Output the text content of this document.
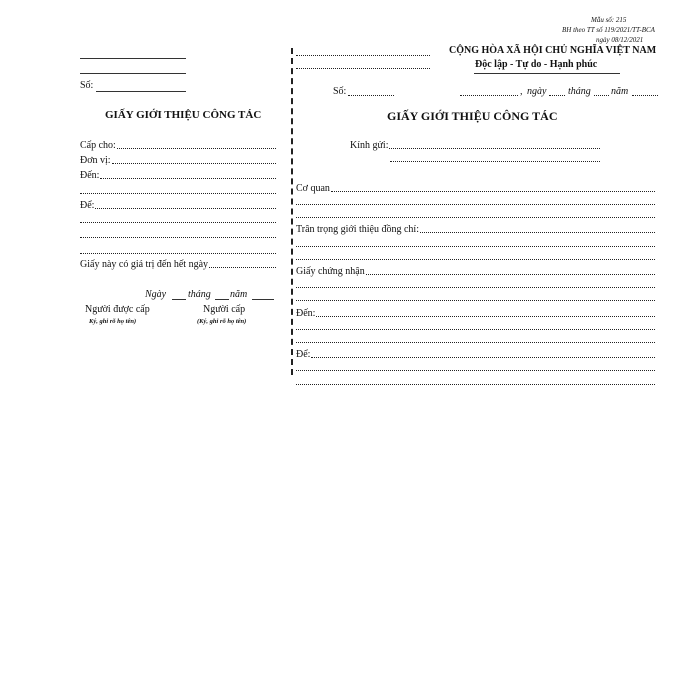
Mẫu số: 215
BH theo TT số 119/2021/TT-BCA
ngày 08/12/2021
Số:
GIẤY GIỚI THIỆU CÔNG TÁC
Cấp cho:
Đơn vị:
Đến:
Để:
Giấy này có giá trị đến hết ngày
Ngày tháng năm
Người được cấp
Ký, ghi rõ họ tên)
Người cấp
(Ký, ghi rõ họ tên)
CỘNG HÒA XÃ HỘI CHỦ NGHĨA VIỆT NAM
Độc lập - Tự do - Hạnh phúc
Số:	, ngày tháng năm
GIẤY GIỚI THIỆU CÔNG TÁC
Kính gửi:
Cơ quan
Trân trọng giới thiệu đồng chí:
Giấy chứng nhận
Đến:
Để:
